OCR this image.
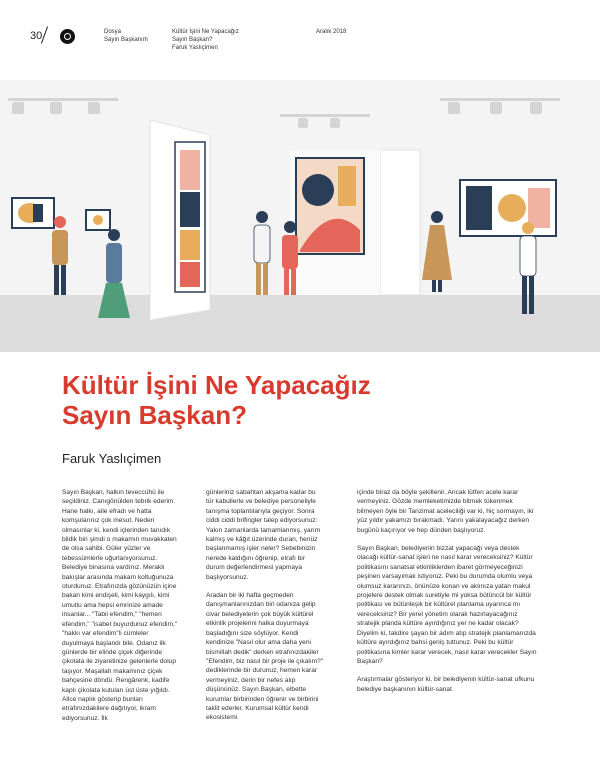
30	Dosya
Sayın Başkanım
Kültür İşini Ne Yapacağız
Sayın Başkan?
Faruk Yaslıçimen
Aralık 2018
Kültür İşini Ne Yapacağız
Sayın Başkan?
Faruk Yaslıçimen

Sayın Başkan, halkın teveccühü ile seçildiniz. Canıgönülden tebrik ederim. Hane halkı, aile efradı ve hatta komşularınız çok mesut. Neden olmasınlar ki, kendi içlerinden tanıdık bildik biri şimdi o makamın muvakkaten de olsa sahibi. Güler yüzler ve tebessümlerle uğurlanıyorsunuz. Belediye binasına vardınız. Meraklı bakışlar arasında makam koltuğunuza oturdunuz. Etrafınızda gözünüzün içine bakan kimi endişeli, kimi kaygılı, kimi umutlu ama hepsi emrinize amade insanlar... "Tabii efendim," "hemen efendim," "isabet buyurdunuz efendim," "hakkı var efendim"li cümleler duyulmaya başlandı bile. Odanız ilk günlerde bir elinde çiçek diğerinde çikolata ile ziyaretinize gelenlerle dolup taşıyor. Maşallah makamınız çiçek bahçesine döndü. Rengârenk, kadife kaplı çikolata kutuları üst üste yığıldı. Allce naplık gösterip bunları etrafınızdakilere dağıtıyor, ikram ediyorsunuz. İlk

günleriniz sabahtan akşama kadar bu tür kabullerle ve belediye personeliyle tanışma toplantılarıyla geçiyor. Sonra ciddi ciddi brifingler talep ediyorsunuz: Yakın zamanlarda tamamlanmış, yarım kalmış ve kâğıt üzerinde duran, henüz başlanmamış işler neler? Sebebinizin nerede kaldığını öğrenip, etrafı bir durum değerlendirmesi yapmaya başlıyorsunuz.

Aradan bir iki hafta geçmeden danışmanlarınızdan biri odanıza gelip civar belediyelerin çok büyük kültürel etkinlik projelerini halka duyurmaya başladığını size söylüyor. Kendi kendinize "Nasıl olur ama daha yeni bismillah dedik" derken etrafınızdakiler "Efendim, biz nasıl bir proje ile çıkalım?" dediklerinde bir durunuz, hemen karar vermeyiniz, derin bir nefes alıp düşününüz. Sayın Başkan, elbette kurumlar birbirinden öğrenir ve birbirini taklit ederler. Kurumsal kültür kendi ekosistemi

içinde biraz da böyle şekillenir. Ancak lütfen acele karar vermeyiniz. Gözde memleketimizde bitmek tükenmek bilmeyen öyle bir Tanzimat aceleciliği var ki, hiç sormayın, iki yüz yıldır yakamızı bırakmadı. Yarını yakalayacağız derken bugünü kaçırıyor ve hep dünden başlıyoruz.

Sayın Başkan, belediyenin bizzat yapacağı veya destek olacağı kültür-sanat işleri ne nasıl karar vereceksiniz? Kültür politikasını sanatsal etkinliklerden ibaret görmeyeceğinizi peşinen varsayımak istiyoruz. Peki bu durumda olumlu veya olumsuz kararınızı, önünüze konan ve aklınıza yatan makul projelere destek olmak suretiyle mi yoksa bütüncül bir kültür politikası ve bütünleşik bir kültürel planlama uyarınca mı vereceksiniz? Bir yerel yönetim olarak hazırlayacağınız stratejik planda kültüre ayırdığınız yer ne kadar olacak? Diyelim ki, takdire şayan bir adım atıp stratejik planlamanızda kültüre ayırdığınız bahsi geniş tuttunuz. Peki bu kültür politikasına kimler karar verecek, nasıl karar verecekler Sayın Başkan?

Araştırmalar gösteriyor ki, bir belediyenin kültür-sanat ufkunu belediye başkanının kültür-sanat
